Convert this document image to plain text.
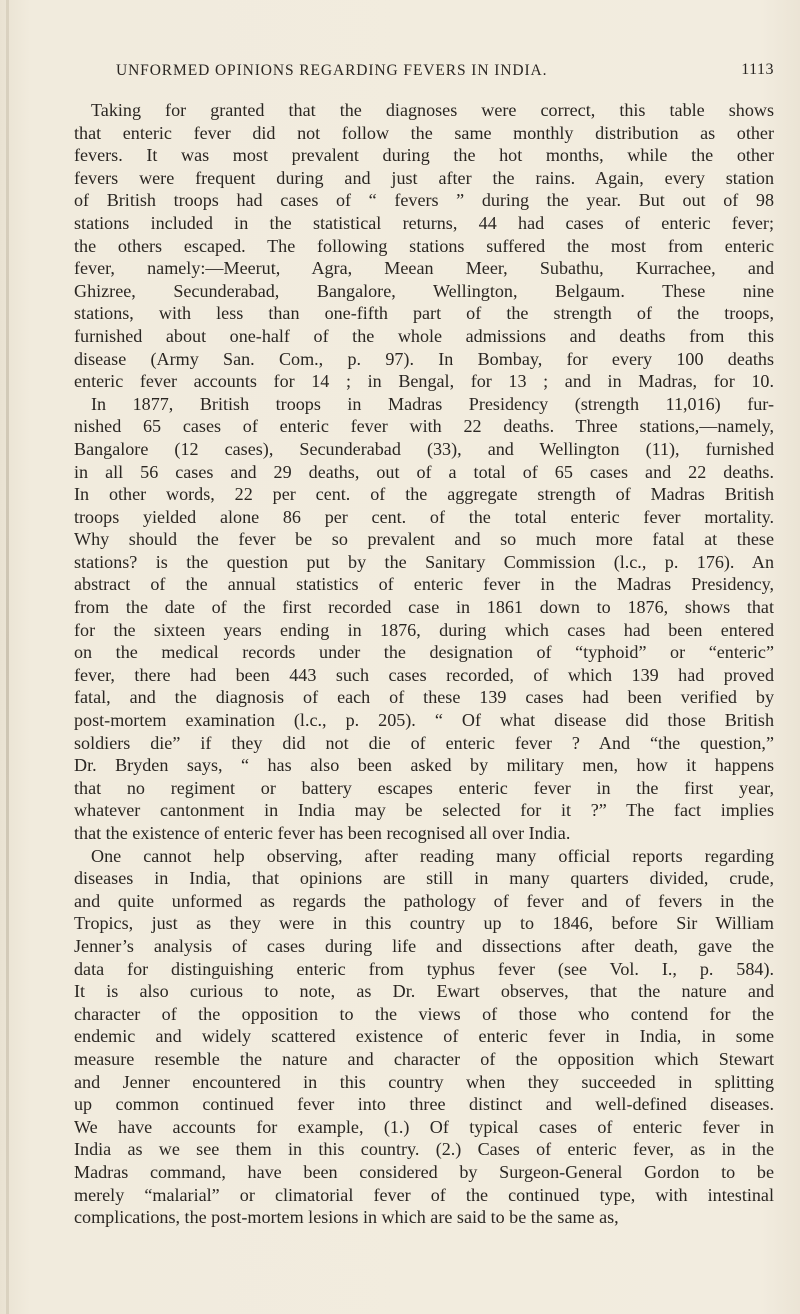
UNFORMED OPINIONS REGARDING FEVERS IN INDIA.	1113
Taking for granted that the diagnoses were correct, this table shows
that enteric fever did not follow the same monthly distribution as other
fevers. It was most prevalent during the hot months, while the other
fevers were frequent during and just after the rains. Again, every station
of British troops had cases of “ fevers ” during the year. But out of 98
stations included in the statistical returns, 44 had cases of enteric fever;
the others escaped. The following stations suffered the most from enteric
fever, namely:—Meerut, Agra, Meean Meer, Subathu, Kurrachee, and
Ghizree, Secunderabad, Bangalore, Wellington, Belgaum. These nine
stations, with less than one-fifth part of the strength of the troops,
furnished about one-half of the whole admissions and deaths from this
disease (Army San. Com., p. 97). In Bombay, for every 100 deaths
enteric fever accounts for 14 ; in Bengal, for 13 ; and in Madras, for 10.
In 1877, British troops in Madras Presidency (strength 11,016) fur-
nished 65 cases of enteric fever with 22 deaths. Three stations,—namely,
Bangalore (12 cases), Secunderabad (33), and Wellington (11), furnished
in all 56 cases and 29 deaths, out of a total of 65 cases and 22 deaths.
In other words, 22 per cent. of the aggregate strength of Madras British
troops yielded alone 86 per cent. of the total enteric fever mortality.
Why should the fever be so prevalent and so much more fatal at these
stations? is the question put by the Sanitary Commission (l.c., p. 176). An
abstract of the annual statistics of enteric fever in the Madras Presidency,
from the date of the first recorded case in 1861 down to 1876, shows that
for the sixteen years ending in 1876, during which cases had been entered
on the medical records under the designation of “typhoid” or “enteric”
fever, there had been 443 such cases recorded, of which 139 had proved
fatal, and the diagnosis of each of these 139 cases had been verified by
post-mortem examination (l.c., p. 205). “ Of what disease did those British
soldiers die” if they did not die of enteric fever ? And “the question,”
Dr. Bryden says, “ has also been asked by military men, how it happens
that no regiment or battery escapes enteric fever in the first year,
whatever cantonment in India may be selected for it ?” The fact implies
that the existence of enteric fever has been recognised all over India.
One cannot help observing, after reading many official reports regarding
diseases in India, that opinions are still in many quarters divided, crude,
and quite unformed as regards the pathology of fever and of fevers in the
Tropics, just as they were in this country up to 1846, before Sir William
Jenner’s analysis of cases during life and dissections after death, gave the
data for distinguishing enteric from typhus fever (see Vol. I., p. 584).
It is also curious to note, as Dr. Ewart observes, that the nature and
character of the opposition to the views of those who contend for the
endemic and widely scattered existence of enteric fever in India, in some
measure resemble the nature and character of the opposition which Stewart
and Jenner encountered in this country when they succeeded in splitting
up common continued fever into three distinct and well-defined diseases.
We have accounts for example, (1.) Of typical cases of enteric fever in
India as we see them in this country. (2.) Cases of enteric fever, as in the
Madras command, have been considered by Surgeon-General Gordon to be
merely “malarial” or climatorial fever of the continued type, with intestinal
complications, the post-mortem lesions in which are said to be the same as,
